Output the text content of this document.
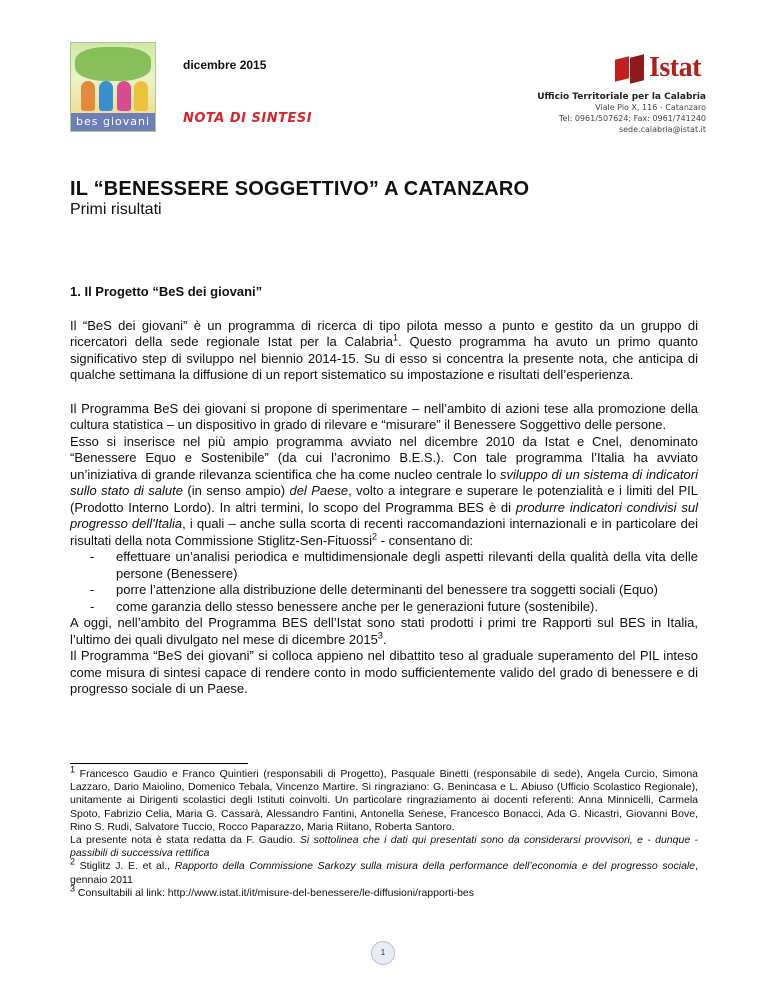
bes giovani
dicembre 2015
NOTA DI SINTESI
Istat
Ufficio Territoriale per la Calabria
Viale Pio X, 116 - Catanzaro
Tel: 0961/507624; Fax: 0961/741240
sede.calabria@istat.it
IL “BENESSERE SOGGETTIVO” A CATANZARO
Primi risultati

1. Il Progetto “BeS dei giovani”

Il “BeS dei giovani” è un programma di ricerca di tipo pilota messo a punto e gestito da un gruppo di ricercatori della sede regionale Istat per la Calabria$^1$. Questo programma ha avuto un primo quanto significativo step di sviluppo nel biennio 2014-15. Su di esso si concentra la presente nota, che anticipa di qualche settimana la diffusione di un report sistematico su impostazione e risultati dell’esperienza.

Il Programma BeS dei giovani si propone di sperimentare – nell’ambito di azioni tese alla promozione della cultura statistica – un dispositivo in grado di rilevare e “misurare” il Benessere Soggettivo delle persone.

Esso si inserisce nel più ampio programma avviato nel dicembre 2010 da Istat e Cnel, denominato “Benessere Equo e Sostenibile” (da cui l’acronimo B.E.S.). Con tale programma l’Italia ha avviato un’iniziativa di grande rilevanza scientifica che ha come nucleo centrale lo sviluppo di un sistema di indicatori sullo stato di salute (in senso ampio) del Paese, volto a integrare e superare le potenzialità e i limiti del PIL (Prodotto Interno Lordo). In altri termini, lo scopo del Programma BES è di produrre indicatori condivisi sul progresso dell'Italia, i quali – anche sulla scorta di recenti raccomandazioni internazionali e in particolare dei risultati della nota Commissione Stiglitz-Sen-Fituossi$^2$ - consentano di:

- effettuare un’analisi periodica e multidimensionale degli aspetti rilevanti della qualità della vita delle persone (Benessere)

- porre l’attenzione alla distribuzione delle determinanti del benessere tra soggetti sociali (Equo)

- come garanzia dello stesso benessere anche per le generazioni future (sostenibile).

A oggi, nell’ambito del Programma BES dell’Istat sono stati prodotti i primi tre Rapporti sul BES in Italia, l’ultimo dei quali divulgato nel mese di dicembre 2015$^3$.

Il Programma “BeS dei giovani” si colloca appieno nel dibattito teso al graduale superamento del PIL inteso come misura di sintesi capace di rendere conto in modo sufficientemente valido del grado di benessere e di progresso sociale di un Paese.

$^1$ Francesco Gaudio e Franco Quintieri (responsabili di Progetto), Pasquale Binetti (responsabile di sede), Angela Curcio, Simona Lazzaro, Dario Maiolino, Domenico Tebala, Vincenzo Martire. Si ringraziano: G. Benincasa e L. Abiuso (Ufficio Scolastico Regionale), unitamente ai Dirigenti scolastici degli Istituti coinvolti. Un particolare ringraziamento ai docenti referenti: Anna Minnicelli, Carmela Spoto, Fabrizio Celia, Maria G. Cassarà, Alessandro Fantini, Antonella Senese, Francesco Bonacci, Ada G. Nicastri, Giovanni Bove, Rino S. Rudi, Salvatore Tuccio, Rocco Paparazzo, Maria Riitano, Roberta Santoro.

La presente nota è stata redatta da F. Gaudio. Si sottolinea che i dati qui presentati sono da considerarsi provvisori, e - dunque - passibili di successiva rettifica

$^2$ Stiglitz J. E. et al., Rapporto della Commissione Sarkozy sulla misura della performance dell’economia e del progresso sociale, gennaio 2011

$^3$ Consultabili al link: http://www.istat.it/it/misure-del-benessere/le-diffusioni/rapporti-bes

1
